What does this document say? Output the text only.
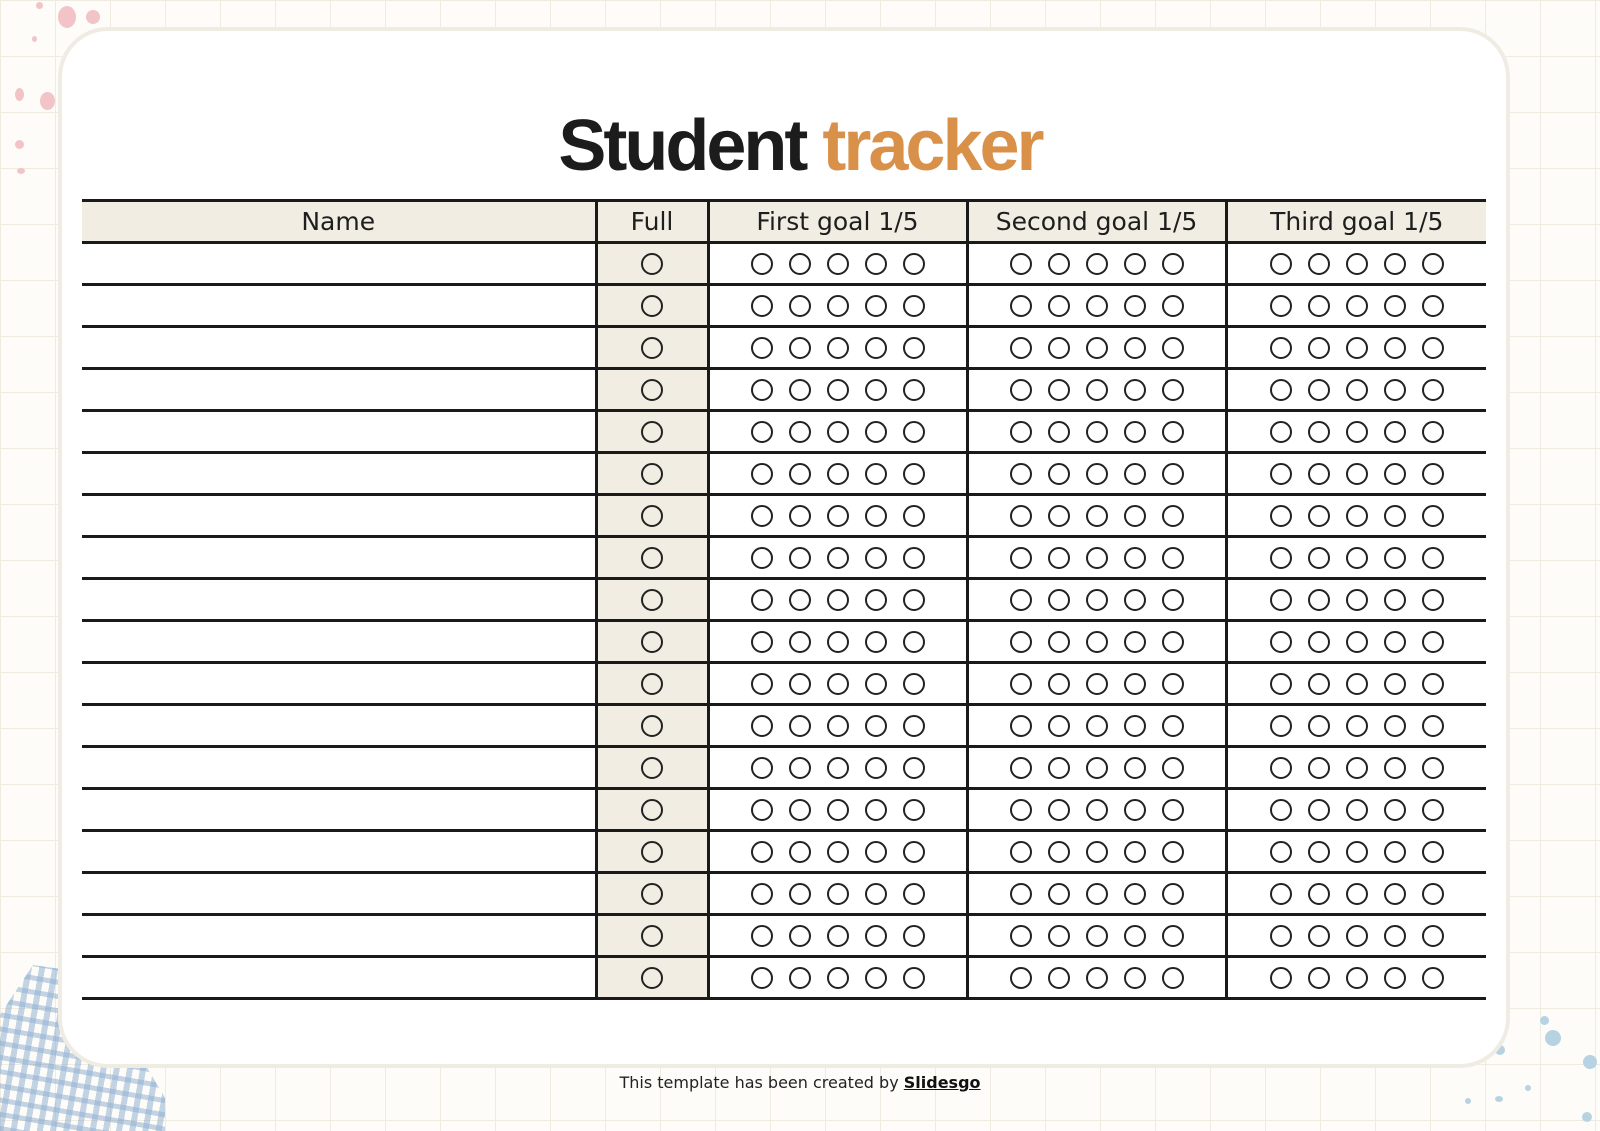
Student tracker
Name	Full	First goal 1/5	Second goal 1/5	Third goal 1/5

This template has been created by Slidesgo
